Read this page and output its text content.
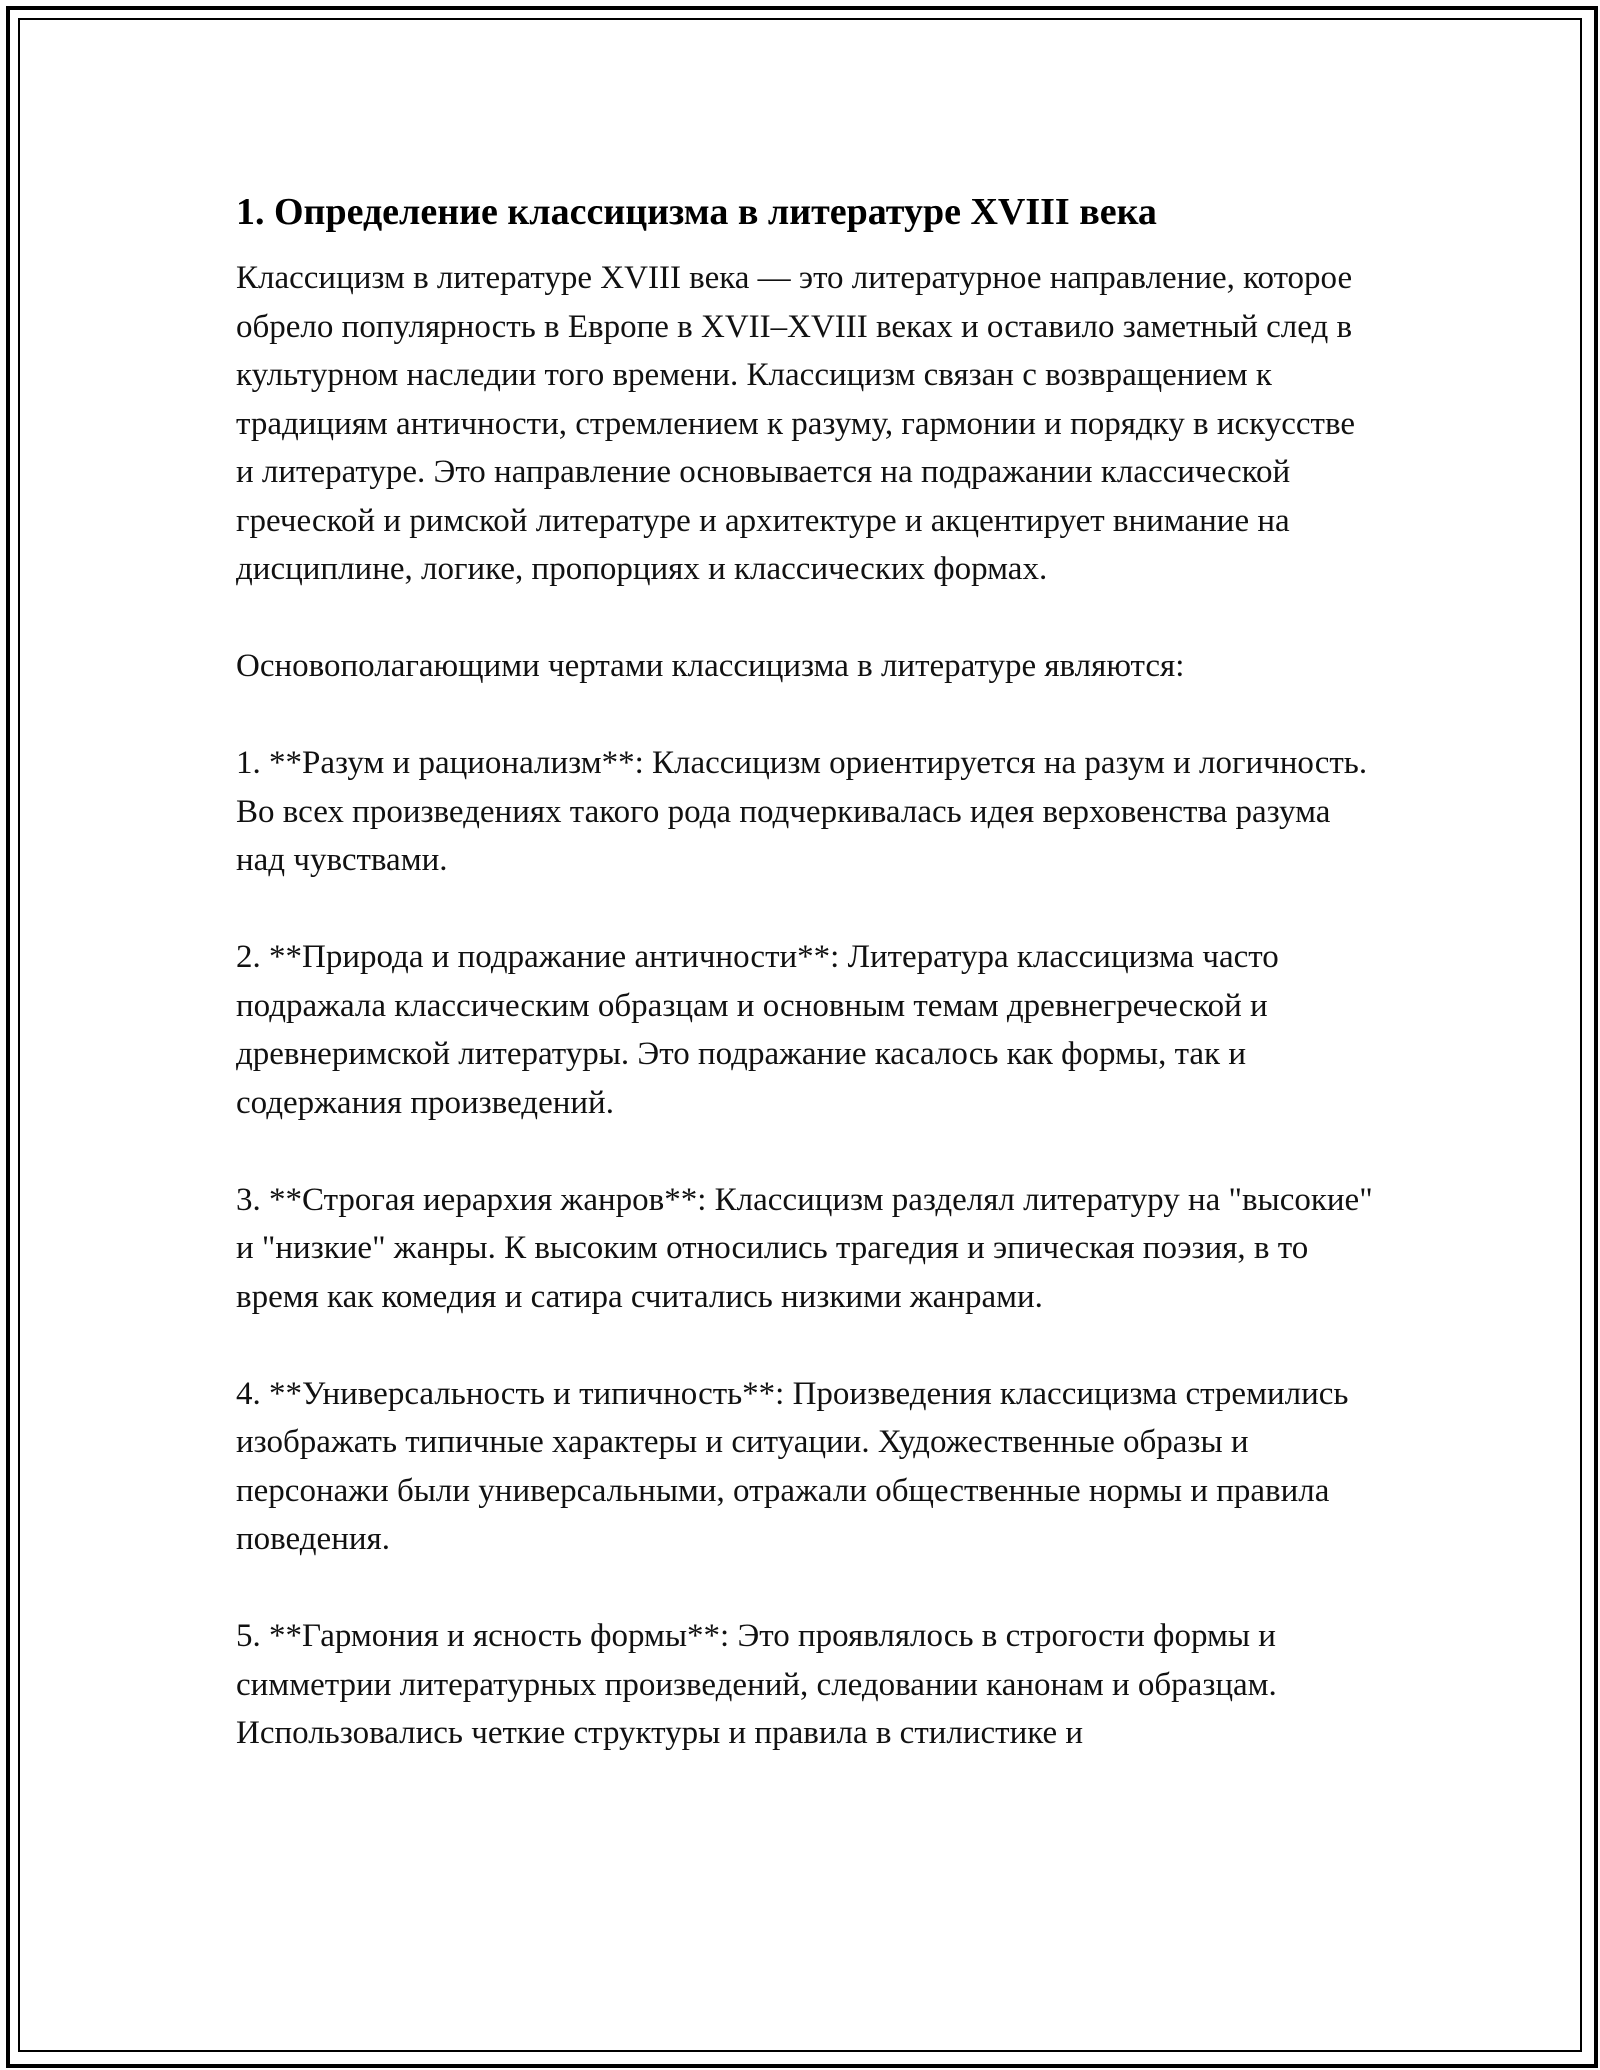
1. Определение классицизма в литературе XVIII века

Классицизм в литературе XVIII века — это литературное направление, которое обрело популярность в Европе в XVII–XVIII веках и оставило заметный след в культурном наследии того времени. Классицизм связан с возвращением к традициям античности, стремлением к разуму, гармонии и порядку в искусстве и литературе. Это направление основывается на подражании классической греческой и римской литературе и архитектуре и акцентирует внимание на дисциплине, логике, пропорциях и классических формах.

Основополагающими чертами классицизма в литературе являются:

1. **Разум и рационализм**: Классицизм ориентируется на разум и логичность. Во всех произведениях такого рода подчеркивалась идея верховенства разума над чувствами.

2. **Природа и подражание античности**: Литература классицизма часто подражала классическим образцам и основным темам древнегреческой и древнеримской литературы. Это подражание касалось как формы, так и содержания произведений.

3. **Строгая иерархия жанров**: Классицизм разделял литературу на "высокие" и "низкие" жанры. К высоким относились трагедия и эпическая поэзия, в то время как комедия и сатира считались низкими жанрами.

4. **Универсальность и типичность**: Произведения классицизма стремились изображать типичные характеры и ситуации. Художественные образы и персонажи были универсальными, отражали общественные нормы и правила поведения.

5. **Гармония и ясность формы**: Это проявлялось в строгости формы и симметрии литературных произведений, следовании канонам и образцам. Использовались четкие структуры и правила в стилистике и
